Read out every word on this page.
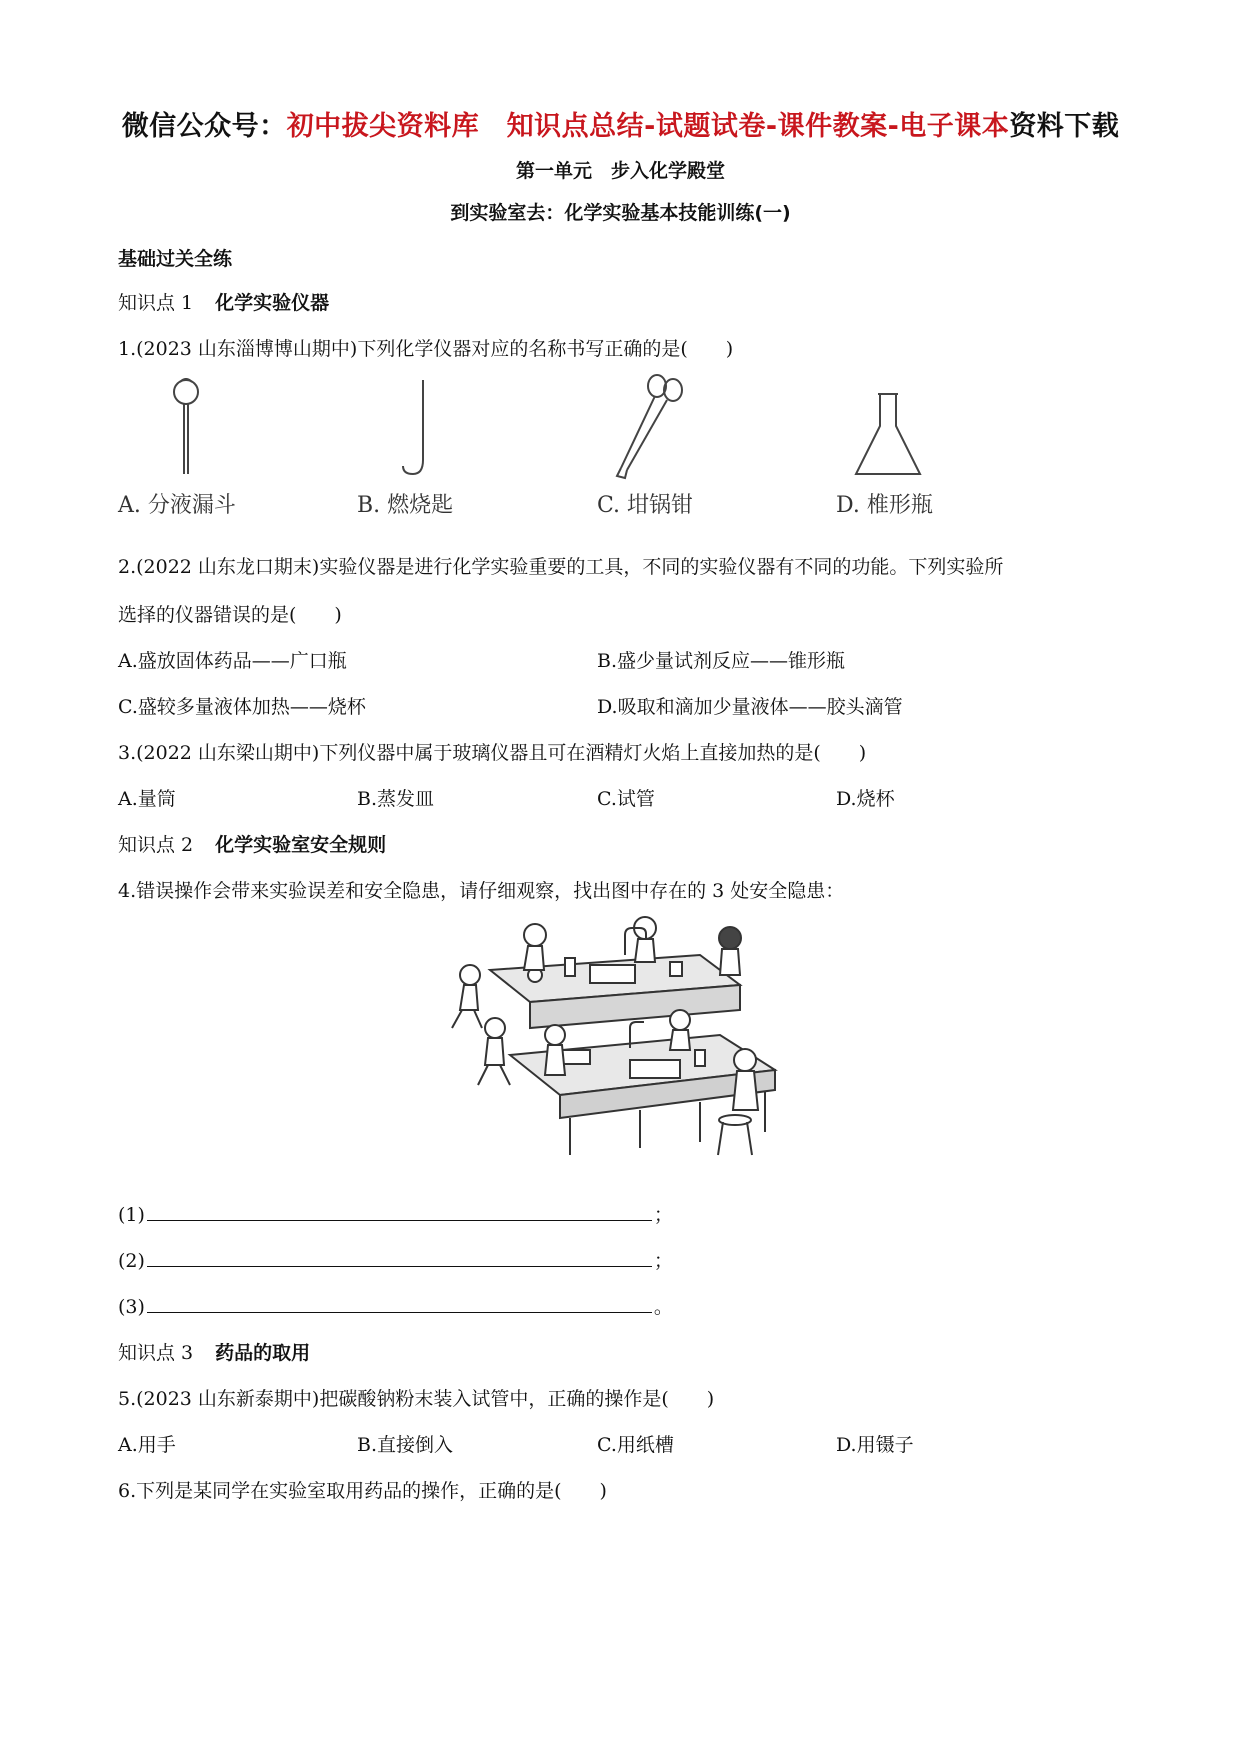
微信公众号：初中拔尖资料库　知识点总结-试题试卷-课件教案-电子课本资料下载
第一单元　步入化学殿堂
到实验室去：化学实验基本技能训练(一)
基础过关全练
知识点 1 化学实验仪器
1.(2023 山东淄博博山期中)下列化学仪器对应的名称书写正确的是(　　)
A. 分液漏斗	B. 燃烧匙	C. 坩锅钳	D. 椎形瓶
2.(2022 山东龙口期末)实验仪器是进行化学实验重要的工具，不同的实验仪器有不同的功能。下列实验所
选择的仪器错误的是(　　)
A.盛放固体药品——广口瓶	B.盛少量试剂反应——锥形瓶
C.盛较多量液体加热——烧杯	D.吸取和滴加少量液体——胶头滴管
3.(2022 山东梁山期中)下列仪器中属于玻璃仪器且可在酒精灯火焰上直接加热的是(　　)
A.量筒	B.蒸发皿	C.试管	D.烧杯
知识点 2 化学实验室安全规则
4.错误操作会带来实验误差和安全隐患，请仔细观察，找出图中存在的 3 处安全隐患：
(1)	；
(2)	；
(3)	。
知识点 3 药品的取用
5.(2023 山东新泰期中)把碳酸钠粉末装入试管中，正确的操作是(　　)
A.用手	B.直接倒入	C.用纸槽	D.用镊子
6.下列是某同学在实验室取用药品的操作，正确的是(　　)
